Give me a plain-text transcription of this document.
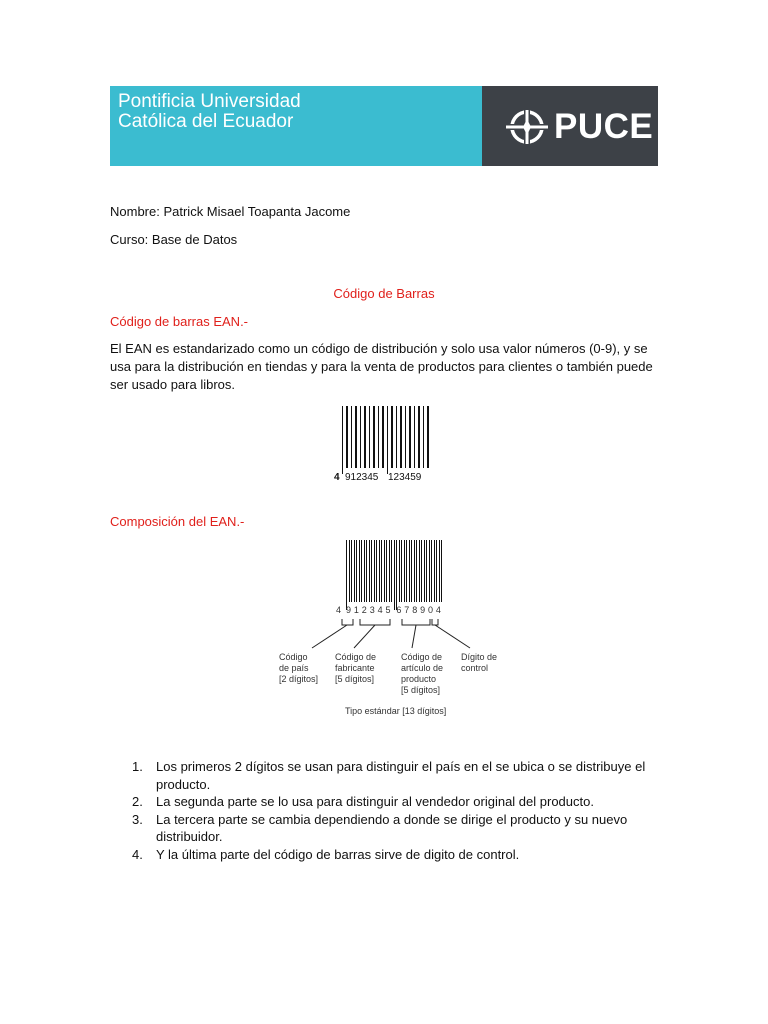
Pontificia Universidad
Católica del Ecuador	PUCE
Nombre: Patrick Misael Toapanta Jacome
Curso: Base de Datos
Código de Barras
Código de barras EAN.-
El EAN es estandarizado como un código de distribución y solo usa valor números (0-9), y se usa para la distribución en tiendas y para la venta de productos para clientes o también puede ser usado para libros.
4 912345 123459
Composición del EAN.-
4 9 1 2 3 4 5 6 7 8 9 0 4
Código de país [2 dígitos]
Código de fabricante [5 dígitos]
Código de artículo de producto [5 dígitos]
Dígito de control
Tipo estándar [13 dígitos]
1. Los primeros 2 dígitos se usan para distinguir el país en el se ubica o se distribuye el producto.
2. La segunda parte se lo usa para distinguir al vendedor original del producto.
3. La tercera parte se cambia dependiendo a donde se dirige el producto y su nuevo distribuidor.
4. Y la última parte del código de barras sirve de digito de control.
